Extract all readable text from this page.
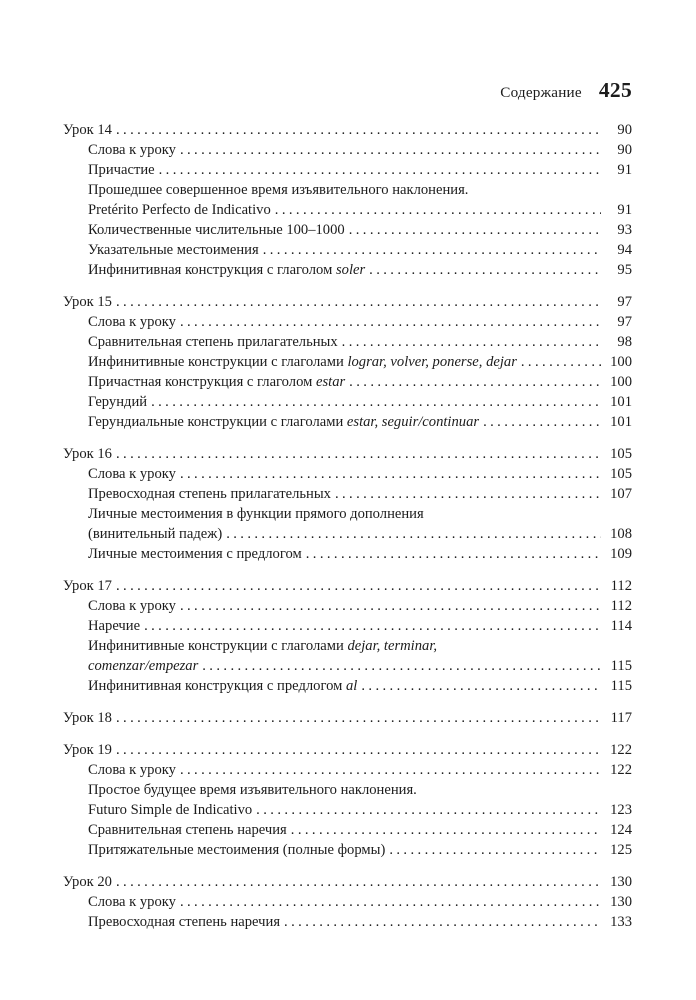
Содержание 425
Урок 14 .....	90
Слова к уроку .....	90
Причастие .....	91
Прошедшее совершенное время изъявительного наклонения.
Pretérito Perfecto de Indicativo .....	91
Количественные числительные 100–1000 .....	93
Указательные местоимения .....	94
Инфинитивная конструкция с глаголом soler .....	95
Урок 15 .....	97
Слова к уроку .....	97
Сравнительная степень прилагательных .....	98
Инфинитивные конструкции с глаголами lograr, volver, ponerse, dejar .....	100
Причастная конструкция с глаголом estar .....	100
Герундий .....	101
Герундиальные конструкции с глаголами estar, seguir/continuar .....	101
Урок 16 .....	105
Слова к уроку .....	105
Превосходная степень прилагательных .....	107
Личные местоимения в функции прямого дополнения
(винительный падеж) .....	108
Личные местоимения с предлогом .....	109
Урок 17 .....	112
Слова к уроку .....	112
Наречие .....	114
Инфинитивные конструкции с глаголами dejar, terminar,
comenzar/empezar .....	115
Инфинитивная конструкция с предлогом al .....	115
Урок 18 .....	117
Урок 19 .....	122
Слова к уроку .....	122
Простое будущее время изъявительного наклонения.
Futuro Simple de Indicativo .....	123
Сравнительная степень наречия .....	124
Притяжательные местоимения (полные формы) .....	125
Урок 20 .....	130
Слова к уроку .....	130
Превосходная степень наречия .....	133
